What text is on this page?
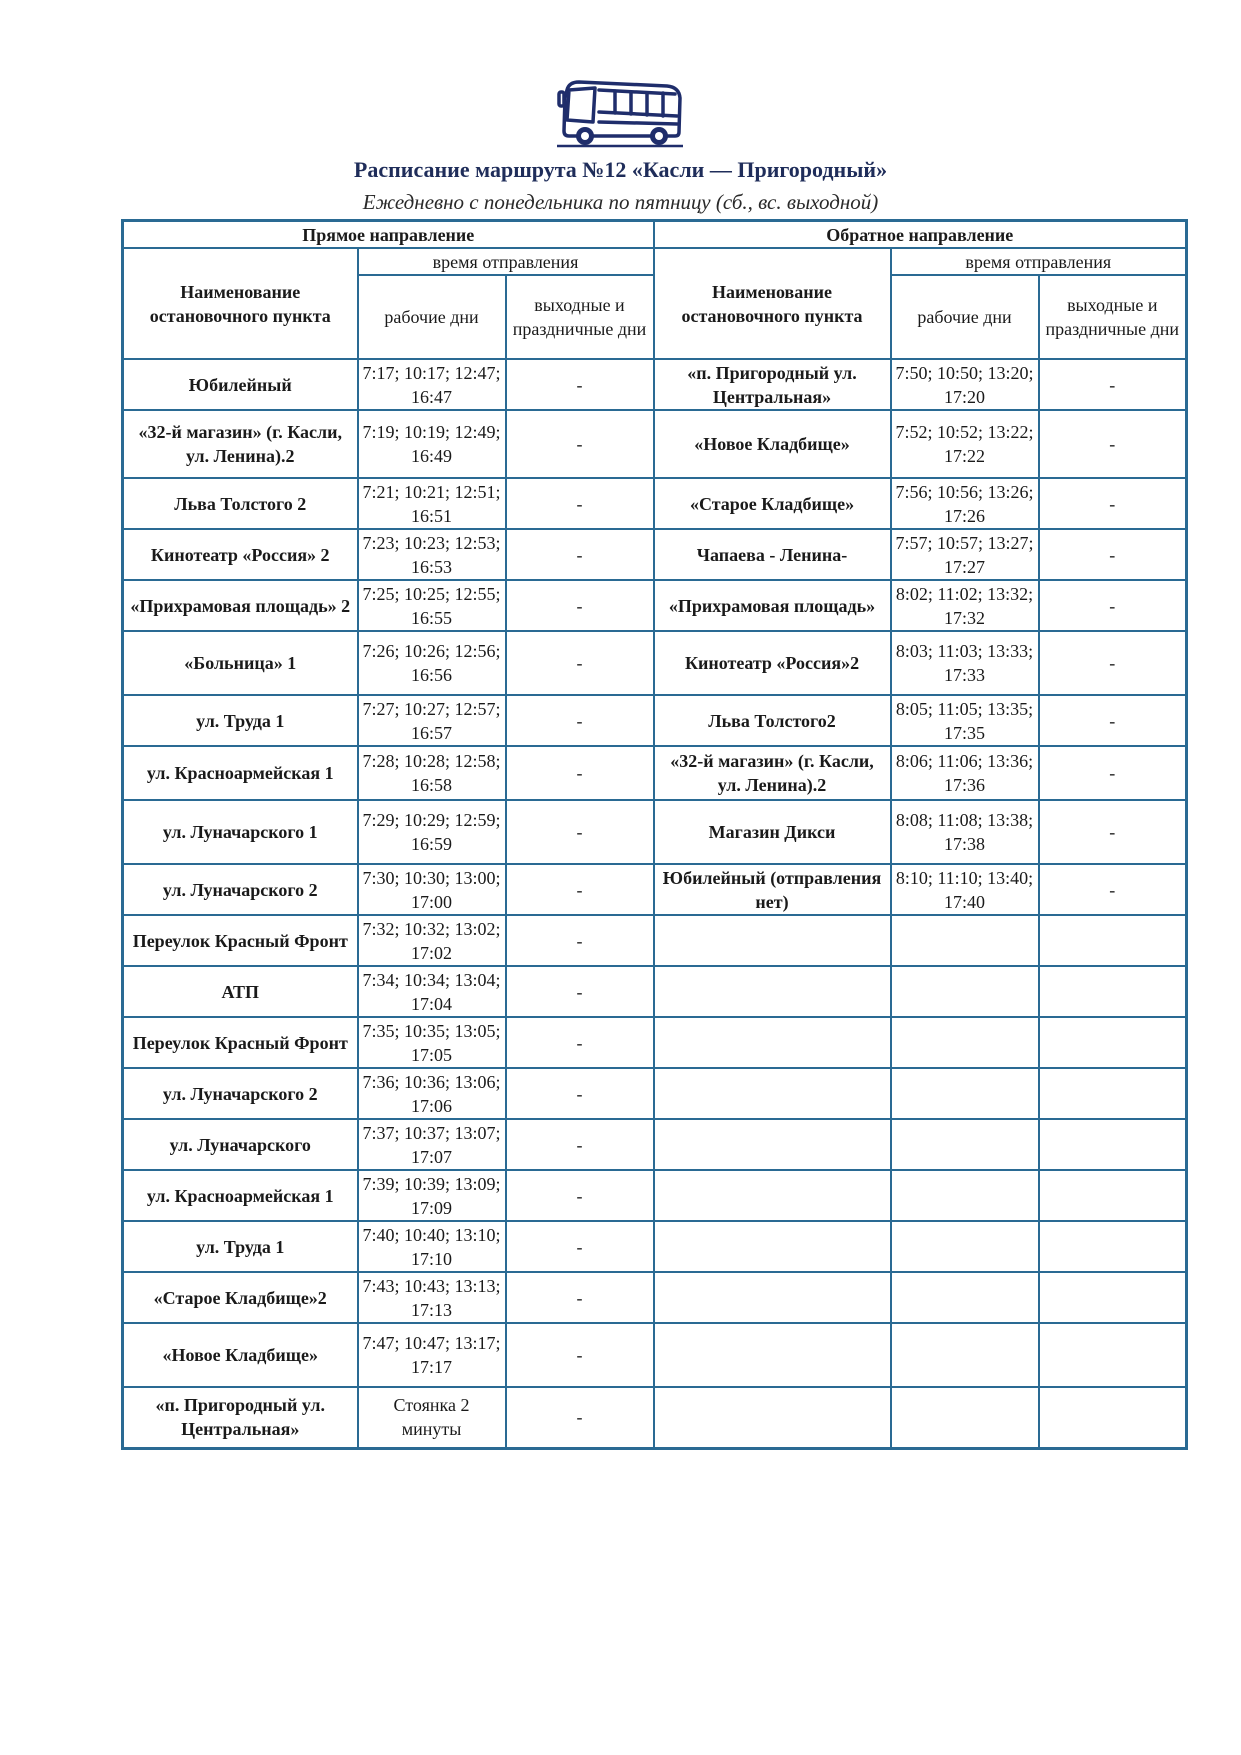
Расписание маршрута №12 «Касли — Пригородный»
Ежедневно с понедельника по пятницу (сб., вс. выходной)
Прямое направление			Обратное направление		
Наименование остановочного пункта	время отправления		Наименование остановочного пункта	время отправления	
	рабочие дни	выходные и праздничные дни		рабочие дни	выходные и праздничные дни
Юбилейный	7:17; 10:17; 12:47; 16:47	-	«п. Пригородный ул. Центральная»	7:50; 10:50; 13:20; 17:20	-
«32-й магазин» (г. Касли, ул. Ленина).2	7:19; 10:19; 12:49; 16:49	-	«Новое Кладбище»	7:52; 10:52; 13:22; 17:22	-
Льва Толстого 2	7:21; 10:21; 12:51; 16:51	-	«Старое Кладбище»	7:56; 10:56; 13:26; 17:26	-
Кинотеатр «Россия» 2	7:23; 10:23; 12:53; 16:53	-	Чапаева - Ленина-	7:57; 10:57; 13:27; 17:27	-
«Прихрамовая площадь» 2	7:25; 10:25; 12:55; 16:55	-	«Прихрамовая площадь»	8:02; 11:02; 13:32; 17:32	-
«Больница» 1	7:26; 10:26; 12:56; 16:56	-	Кинотеатр «Россия»2	8:03; 11:03; 13:33; 17:33	-
ул. Труда 1	7:27; 10:27; 12:57; 16:57	-	Льва Толстого2	8:05; 11:05; 13:35; 17:35	-
ул. Красноармейская 1	7:28; 10:28; 12:58; 16:58	-	«32-й магазин» (г. Касли, ул. Ленина).2	8:06; 11:06; 13:36; 17:36	-
ул. Луначарского 1	7:29; 10:29; 12:59; 16:59	-	Магазин Дикси	8:08; 11:08; 13:38; 17:38	-
ул. Луначарского 2	7:30; 10:30; 13:00; 17:00	-	Юбилейный (отправления нет)	8:10; 11:10; 13:40; 17:40	-
Переулок Красный Фронт	7:32; 10:32; 13:02; 17:02	-			
АТП	7:34; 10:34; 13:04; 17:04	-			
Переулок Красный Фронт	7:35; 10:35; 13:05; 17:05	-			
ул. Луначарского 2	7:36; 10:36; 13:06; 17:06	-			
ул. Луначарского	7:37; 10:37; 13:07; 17:07	-			
ул. Красноармейская 1	7:39; 10:39; 13:09; 17:09	-			
ул. Труда 1	7:40; 10:40; 13:10; 17:10	-			
«Старое Кладбище»2	7:43; 10:43; 13:13; 17:13	-			
«Новое Кладбище»	7:47; 10:47; 13:17; 17:17	-			
«п. Пригородный ул. Центральная»	Стоянка 2 минуты	-			
